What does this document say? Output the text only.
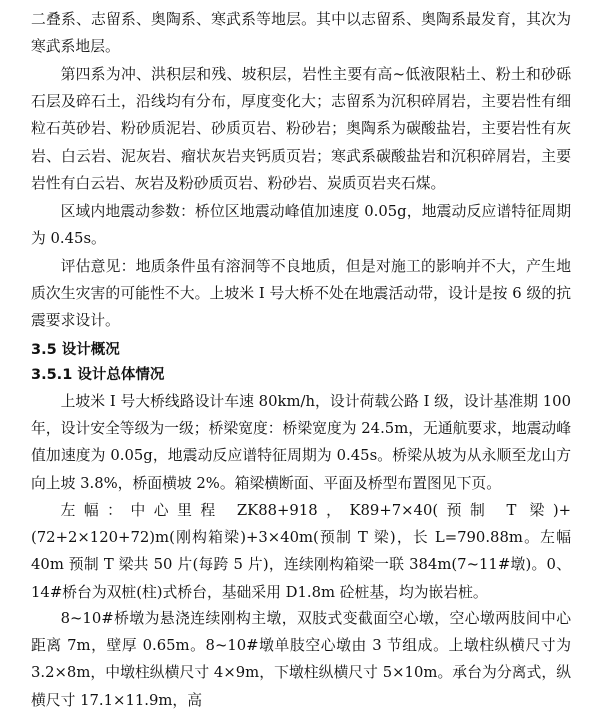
二叠系、志留系、奥陶系、寒武系等地层。其中以志留系、奥陶系最发育，其次为寒武系地层。

第四系为冲、洪积层和残、坡积层，岩性主要有高~低液限粘土、粉土和砂砾石层及碎石土，沿线均有分布，厚度变化大；志留系为沉积碎屑岩，主要岩性有细粒石英砂岩、粉砂质泥岩、砂质页岩、粉砂岩；奥陶系为碳酸盐岩，主要岩性有灰岩、白云岩、泥灰岩、瘤状灰岩夹钙质页岩；寒武系碳酸盐岩和沉积碎屑岩，主要岩性有白云岩、灰岩及粉砂质页岩、粉砂岩、炭质页岩夹石煤。

区域内地震动参数：桥位区地震动峰值加速度 0.05g，地震动反应谱特征周期为 0.45s。

评估意见：地质条件虽有溶洞等不良地质，但是对施工的影响并不大，产生地质次生灾害的可能性不大。上坡米 I 号大桥不处在地震活动带，设计是按 6 级的抗震要求设计。

3.5 设计概况
3.5.1 设计总体情况

上坡米 I 号大桥线路设计车速 80km/h，设计荷载公路 I 级，设计基准期 100 年，设计安全等级为一级；桥梁宽度：桥梁宽度为 24.5m，无通航要求，地震动峰值加速度为 0.05g，地震动反应谱特征周期为 0.45s。桥梁从坡为从永顺至龙山方向上坡 3.8%，桥面横坡 2%。箱梁横断面、平面及桥型布置图见下页。

左幅：中心里程 ZK88+918，K89+7×40(预制 T 梁)+(72+2×120+72)m(刚构箱梁)+3×40m(预制 T 梁)，长 L=790.88m。左幅 40m 预制 T 梁共 50 片(每跨 5 片)，连续刚构箱梁一联 384m(7~11#墩)。0、14#桥台为双桩(柱)式桥台，基础采用 D1.8m 砼桩基，均为嵌岩桩。

8~10#桥墩为悬浇连续刚构主墩，双肢式变截面空心墩，空心墩两肢间中心距离 7m，壁厚 0.65m。8~10#墩单肢空心墩由 3 节组成。上墩柱纵横尺寸为 3.2×8m，中墩柱纵横尺寸 4×9m，下墩柱纵横尺寸 5×10m。承台为分离式，纵横尺寸 17.1×11.9m，高
